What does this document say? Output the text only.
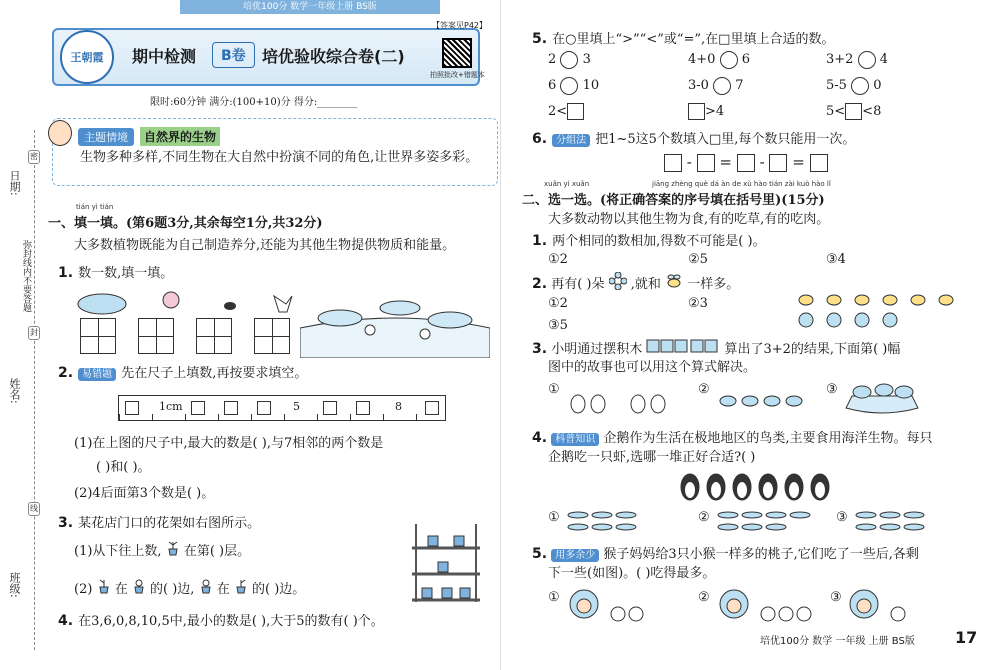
培优100分 数学一年级上册 BS版
日期:
弥封线内不要答题
姓名:
班级:
密
封
线
王朝霞	期中检测	B卷	培优验收综合卷(二)
【答案见P42】
拍照批改+错题本
限时:60分钟 满分:(100+10)分 得分:________
主题情境	自然界的生物
生物多种多样,不同生物在大自然中扮演不同的角色,让世界多姿多彩。
tián yì tián
一、填一填。(第6题3分,其余每空1分,共32分)
大多数植物既能为自己制造养分,还能为其他生物提供物质和能量。
1. 数一数,填一填。
2. 易错题 先在尺子上填数,再按要求填空。
1cm	5	8
(1)在上图的尺子中,最大的数是( ),与7相邻的两个数是
( )和( )。
(2)4后面第3个数是( )。
3. 某花店门口的花架如右图所示。
(1)从下往上数, 在第( )层。
(2) 在 的( )边, 在 的( )边。
4. 在3,6,0,8,10,5中,最小的数是( ),大于5的数有( )个。
5. 在○里填上“>”“<”或“=”,在□里填上合适的数。
2 3	4+0 6	3+2 4
6 10	3-0 7	5-5 0
2<	>4	5< <8
6. 分组法 把1~5这5个数填入□里,每个数只能用一次。
- = - =
xuǎn yi xuǎn	jiāng zhèng què dá àn de xù hào tián zài kuò hào lǐ
二、选一选。(将正确答案的序号填在括号里)(15分)
大多数动物以其他生物为食,有的吃草,有的吃肉。
1. 两个相同的数相加,得数不可能是( )。
①2	②5	③4
2. 再有( )朵 ,就和 一样多。
①2	②3
③5
3. 小明通过摆积木	算出了3+2的结果,下面第( )幅
图中的故事也可以用这个算式解决。
①	②	③
4. 科普知识 企鹅作为生活在极地地区的鸟类,主要食用海洋生物。每只
企鹅吃一只虾,选哪一堆正好合适?( )
①	②	③
5. 用多余少 猴子妈妈给3只小猴一样多的桃子,它们吃了一些后,各剩
下一些(如图)。( )吃得最多。
①	②	③
培优100分 数学 一年级 上册 BS版	17
